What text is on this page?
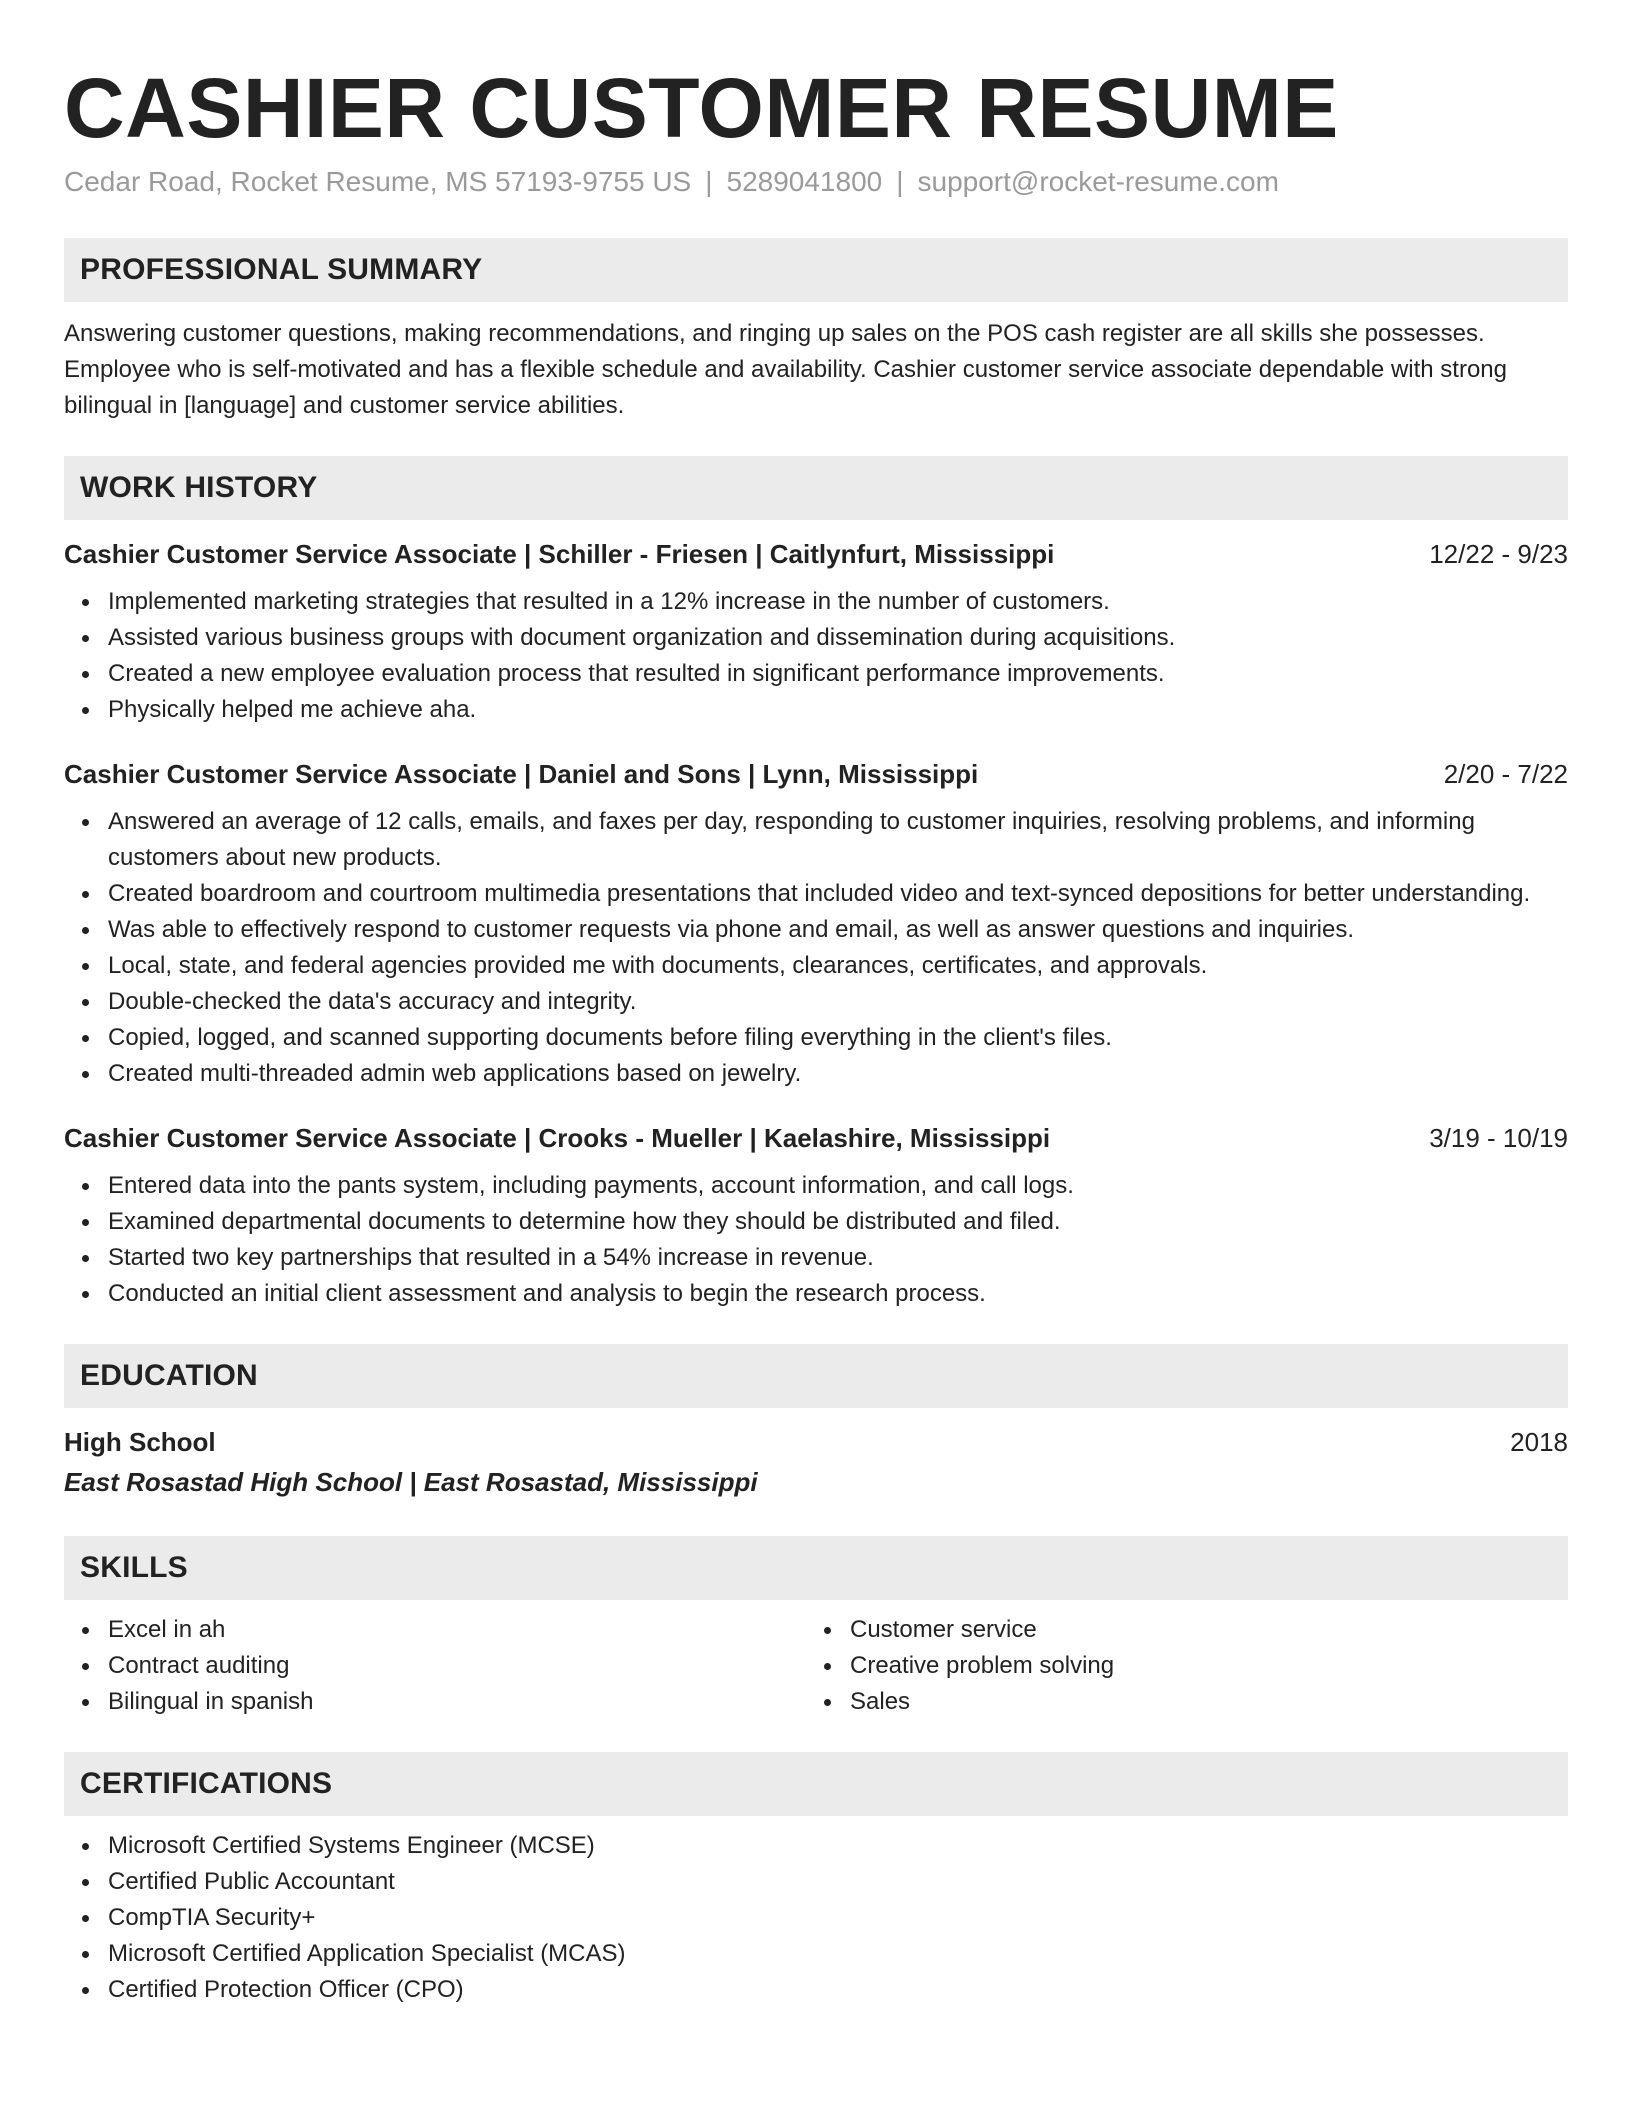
CASHIER CUSTOMER RESUME
Cedar Road, Rocket Resume, MS 57193-9755 US | 5289041800 | support@rocket-resume.com
PROFESSIONAL SUMMARY

Answering customer questions, making recommendations, and ringing up sales on the POS cash register are all skills she possesses. Employee who is self-motivated and has a flexible schedule and availability. Cashier customer service associate dependable with strong bilingual in [language] and customer service abilities.

WORK HISTORY
Cashier Customer Service Associate | Schiller - Friesen | Caitlynfurt, Mississippi	12/22 - 9/23
Implemented marketing strategies that resulted in a 12% increase in the number of customers.
Assisted various business groups with document organization and dissemination during acquisitions.
Created a new employee evaluation process that resulted in significant performance improvements.
Physically helped me achieve aha.
Cashier Customer Service Associate | Daniel and Sons | Lynn, Mississippi	2/20 - 7/22
Answered an average of 12 calls, emails, and faxes per day, responding to customer inquiries, resolving problems, and informing customers about new products.
Created boardroom and courtroom multimedia presentations that included video and text-synced depositions for better understanding.
Was able to effectively respond to customer requests via phone and email, as well as answer questions and inquiries.
Local, state, and federal agencies provided me with documents, clearances, certificates, and approvals.
Double-checked the data's accuracy and integrity.
Copied, logged, and scanned supporting documents before filing everything in the client's files.
Created multi-threaded admin web applications based on jewelry.
Cashier Customer Service Associate | Crooks - Mueller | Kaelashire, Mississippi	3/19 - 10/19
Entered data into the pants system, including payments, account information, and call logs.
Examined departmental documents to determine how they should be distributed and filed.
Started two key partnerships that resulted in a 54% increase in revenue.
Conducted an initial client assessment and analysis to begin the research process.
EDUCATION
High School	2018
East Rosastad High School | East Rosastad, Mississippi
SKILLS
Excel in ah
Contract auditing
Bilingual in spanish
Customer service
Creative problem solving
Sales
CERTIFICATIONS
Microsoft Certified Systems Engineer (MCSE)
Certified Public Accountant
CompTIA Security+
Microsoft Certified Application Specialist (MCAS)
Certified Protection Officer (CPO)
